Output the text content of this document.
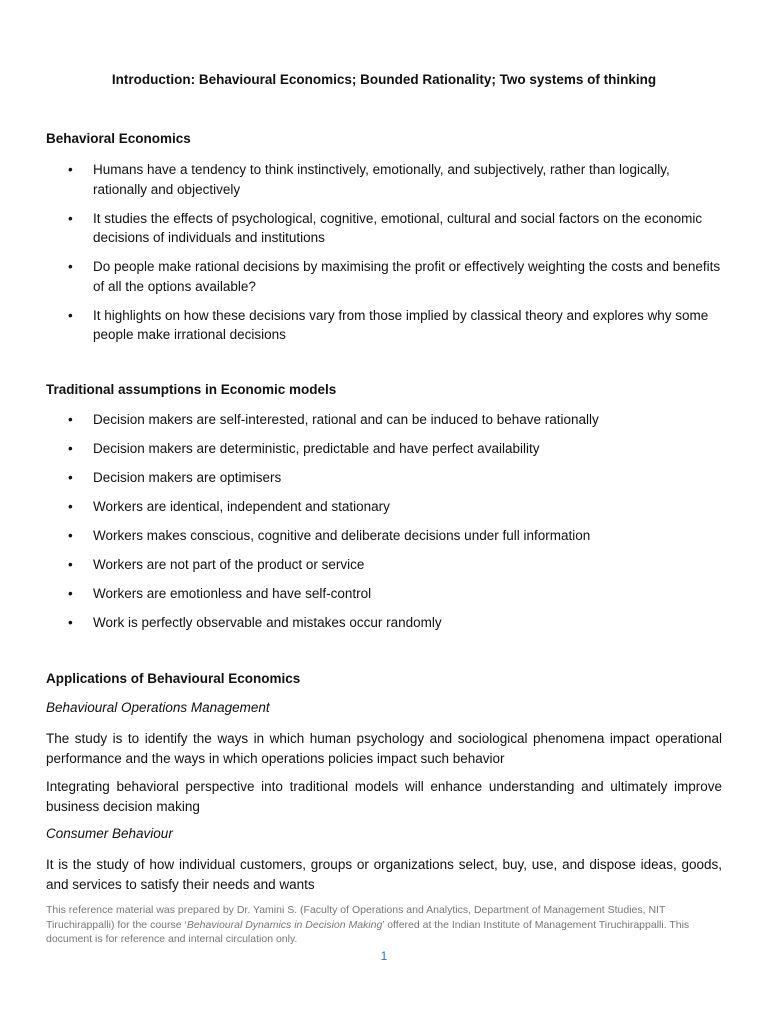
Introduction: Behavioural Economics; Bounded Rationality; Two systems of thinking
Behavioral Economics
• Humans have a tendency to think instinctively, emotionally, and subjectively, rather than logically, rationally and objectively
• It studies the effects of psychological, cognitive, emotional, cultural and social factors on the economic decisions of individuals and institutions
• Do people make rational decisions by maximising the profit or effectively weighting the costs and benefits of all the options available?
• It highlights on how these decisions vary from those implied by classical theory and explores why some people make irrational decisions
Traditional assumptions in Economic models
• Decision makers are self-interested, rational and can be induced to behave rationally
• Decision makers are deterministic, predictable and have perfect availability
• Decision makers are optimisers
• Workers are identical, independent and stationary
• Workers makes conscious, cognitive and deliberate decisions under full information
• Workers are not part of the product or service
• Workers are emotionless and have self-control
• Work is perfectly observable and mistakes occur randomly
Applications of Behavioural Economics
Behavioural Operations Management
The study is to identify the ways in which human psychology and sociological phenomena impact operational performance and the ways in which operations policies impact such behavior
Integrating behavioral perspective into traditional models will enhance understanding and ultimately improve business decision making
Consumer Behaviour
It is the study of how individual customers, groups or organizations select, buy, use, and dispose ideas, goods, and services to satisfy their needs and wants
This reference material was prepared by Dr. Yamini S. (Faculty of Operations and Analytics, Department of Management Studies, NIT Tiruchirappalli) for the course ‘Behavioural Dynamics in Decision Making’ offered at the Indian Institute of Management Tiruchirappalli. This document is for reference and internal circulation only.
1
